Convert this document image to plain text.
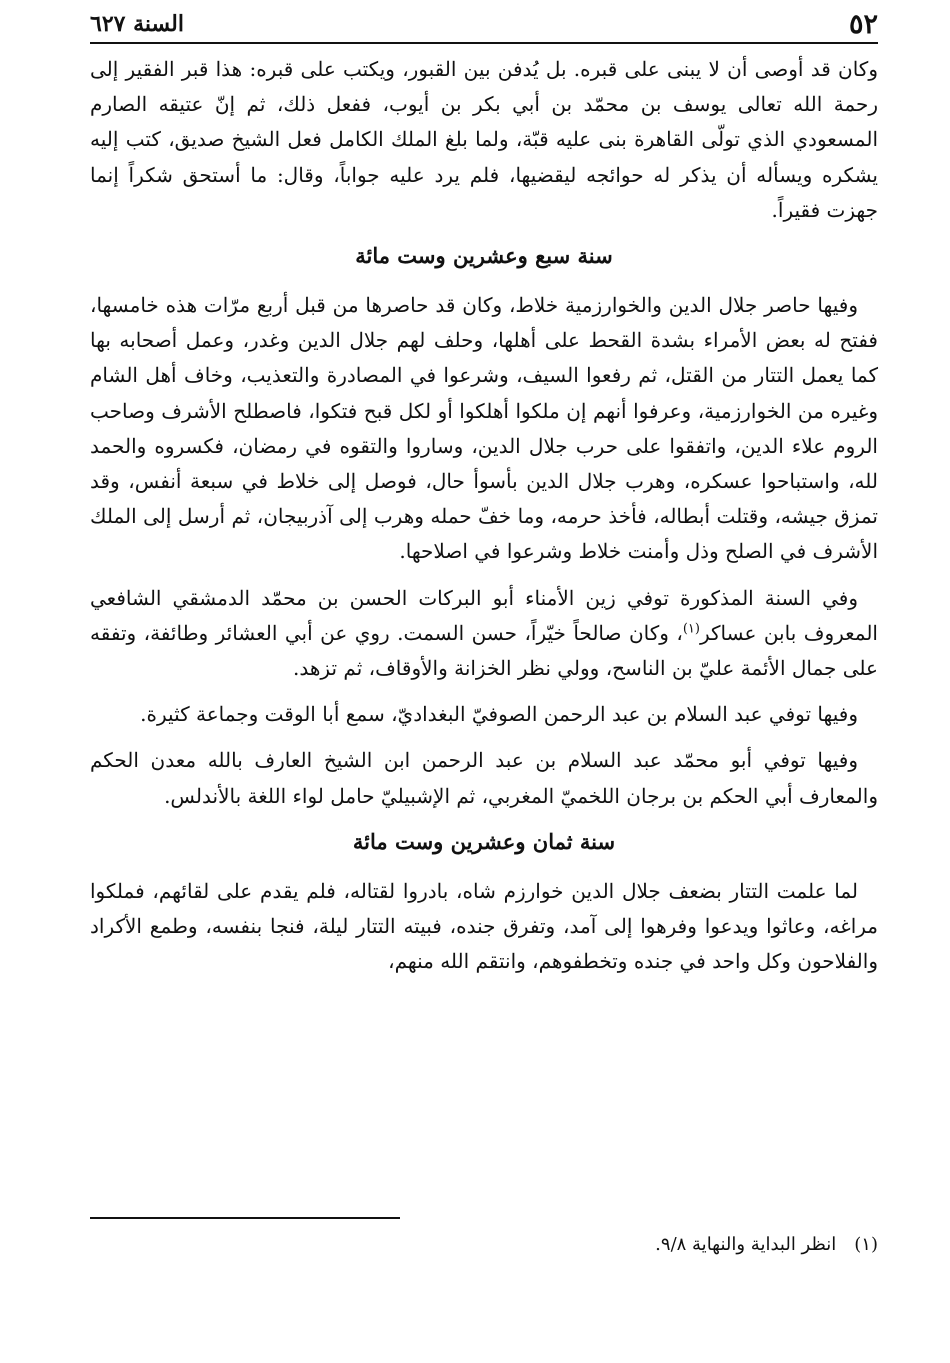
٥٢
السنة ٦٢٧

وكان قد أوصى أن لا يبنى على قبره. بل يُدفن بين القبور، ويكتب على قبره: هذا قبر الفقير إلى رحمة الله تعالى يوسف بن محمّد بن أبي بكر بن أيوب، ففعل ذلك، ثم إنّ عتيقه الصارم المسعودي الذي تولّى القاهرة بنى عليه قبّة، ولما بلغ الملك الكامل فعل الشيخ صديق، كتب إليه يشكره ويسأله أن يذكر له حوائجه ليقضيها، فلم يرد عليه جواباً، وقال: ما أستحق شكراً إنما جهزت فقيراً.

سنة سبع وعشرين وست مائة

وفيها حاصر جلال الدين والخوارزمية خلاط، وكان قد حاصرها من قبل أربع مرّات هذه خامسها، ففتح له بعض الأمراء بشدة القحط على أهلها، وحلف لهم جلال الدين وغدر، وعمل أصحابه بها كما يعمل التتار من القتل، ثم رفعوا السيف، وشرعوا في المصادرة والتعذيب، وخاف أهل الشام وغيره من الخوارزمية، وعرفوا أنهم إن ملكوا أهلكوا أو لكل قبح فتكوا، فاصطلح الأشرف وصاحب الروم علاء الدين، واتفقوا على حرب جلال الدين، وساروا والتقوه في رمضان، فكسروه والحمد لله، واستباحوا عسكره، وهرب جلال الدين بأسوأ حال، فوصل إلى خلاط في سبعة أنفس، وقد تمزق جيشه، وقتلت أبطاله، فأخذ حرمه، وما خفّ حمله وهرب إلى آذربيجان، ثم أرسل إلى الملك الأشرف في الصلح وذل وأمنت خلاط وشرعوا في اصلاحها.

وفي السنة المذكورة توفي زين الأمناء أبو البركات الحسن بن محمّد الدمشقي الشافعي المعروف بابن عساكر$^{(١)}$، وكان صالحاً خيّراً، حسن السمت. روي عن أبي العشائر وطائفة، وتفقه على جمال الأئمة عليّ بن الناسح، وولي نظر الخزانة والأوقاف، ثم تزهد.

وفيها توفي عبد السلام بن عبد الرحمن الصوفيّ البغداديّ، سمع أبا الوقت وجماعة كثيرة.

وفيها توفي أبو محمّد عبد السلام بن عبد الرحمن ابن الشيخ العارف بالله معدن الحكم والمعارف أبي الحكم بن برجان اللخميّ المغربي، ثم الإشبيليّ حامل لواء اللغة بالأندلس.

سنة ثمان وعشرين وست مائة

لما علمت التتار بضعف جلال الدين خوارزم شاه، بادروا لقتاله، فلم يقدم على لقائهم، فملكوا مراغه، وعاثوا ويدعوا وفرهوا إلى آمد، وتفرق جنده، فبيته التتار ليلة، فنجا بنفسه، وطمع الأكراد والفلاحون وكل واحد في جنده وتخطفوهم، وانتقم الله منهم،

(١)انظر البداية والنهاية ٩/٨.
